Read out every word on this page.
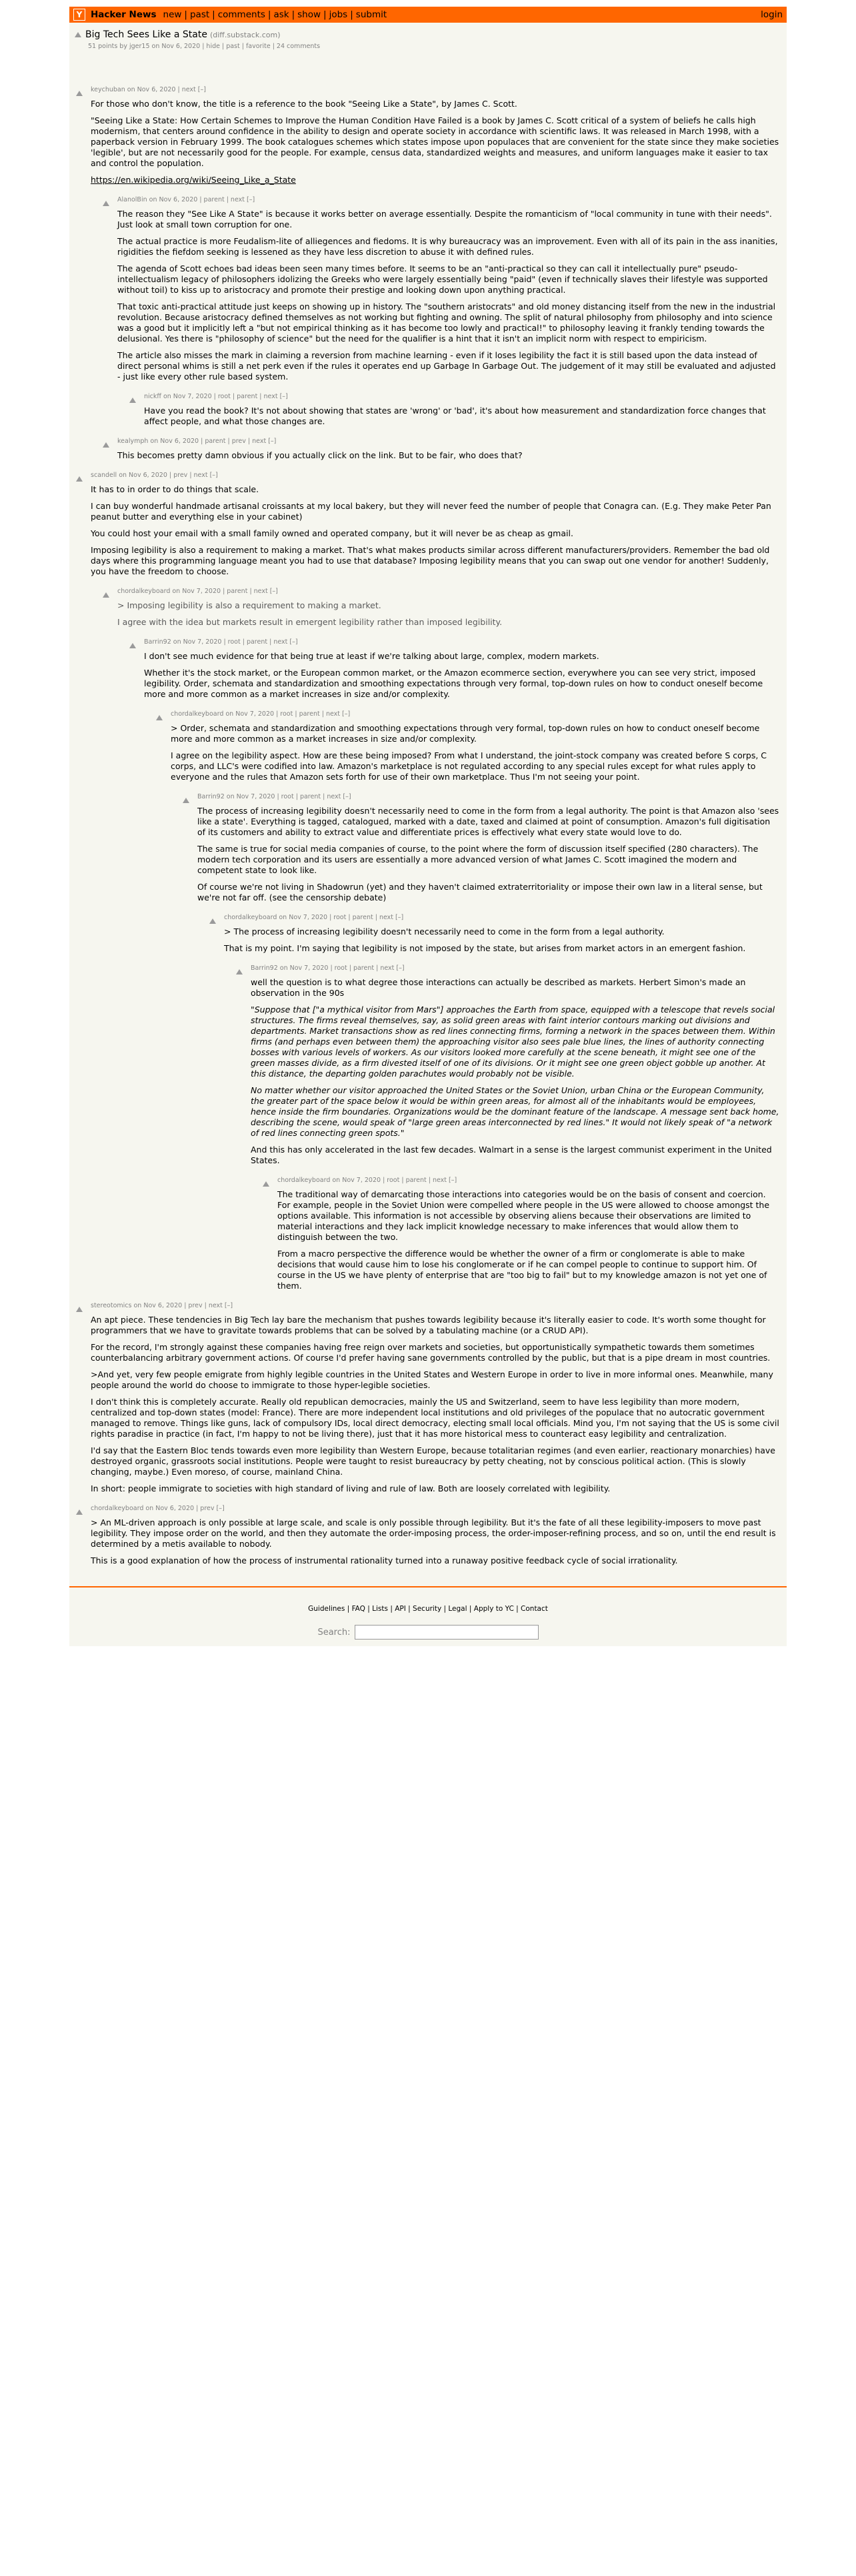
Y Hacker News new | past | comments | ask | show | jobs | submit	login
Big Tech Sees Like a State (diff.substack.com)
51 points by jger15 on Nov 6, 2020 | hide | past | favorite | 24 comments
keychuban on Nov 6, 2020 | next [–]

For those who don't know, the title is a reference to the book "Seeing Like a State", by James C. Scott.

"Seeing Like a State: How Certain Schemes to Improve the Human Condition Have Failed is a book by James C. Scott critical of a system of beliefs he calls high modernism, that centers around confidence in the ability to design and operate society in accordance with scientific laws. It was released in March 1998, with a paperback version in February 1999. The book catalogues schemes which states impose upon populaces that are convenient for the state since they make societies 'legible', but are not necessarily good for the people. For example, census data, standardized weights and measures, and uniform languages make it easier to tax and control the population.

https://en.wikipedia.org/wiki/Seeing_Like_a_State

AlanolBin on Nov 6, 2020 | parent | next [–]

The reason they "See Like A State" is because it works better on average essentially. Despite the romanticism of "local community in tune with their needs". Just look at small town corruption for one.

The actual practice is more Feudalism-lite of alliegences and fiedoms. It is why bureaucracy was an improvement. Even with all of its pain in the ass inanities, rigidities the fiefdom seeking is lessened as they have less discretion to abuse it with defined rules.

The agenda of Scott echoes bad ideas been seen many times before. It seems to be an "anti-practical so they can call it intellectually pure" pseudo-intellectualism legacy of philosophers idolizing the Greeks who were largely essentially being "paid" (even if technically slaves their lifestyle was supported without toil) to kiss up to aristocracy and promote their prestige and looking down upon anything practical.

That toxic anti-practical attitude just keeps on showing up in history. The "southern aristocrats" and old money distancing itself from the new in the industrial revolution. Because aristocracy defined themselves as not working but fighting and owning. The split of natural philosophy from philosophy and into science was a good but it implicitly left a "but not empirical thinking as it has become too lowly and practical!" to philosophy leaving it frankly tending towards the delusional. Yes there is "philosophy of science" but the need for the qualifier is a hint that it isn't an implicit norm with respect to empiricism.

The article also misses the mark in claiming a reversion from machine learning - even if it loses legibility the fact it is still based upon the data instead of direct personal whims is still a net perk even if the rules it operates end up Garbage In Garbage Out. The judgement of it may still be evaluated and adjusted - just like every other rule based system.

nickff on Nov 7, 2020 | root | parent | next [–]

Have you read the book? It's not about showing that states are 'wrong' or 'bad', it's about how measurement and standardization force changes that affect people, and what those changes are.

kealymph on Nov 6, 2020 | parent | prev | next [–]

This becomes pretty damn obvious if you actually click on the link. But to be fair, who does that?

scandell on Nov 6, 2020 | prev | next [–]

It has to in order to do things that scale.

I can buy wonderful handmade artisanal croissants at my local bakery, but they will never feed the number of people that Conagra can. (E.g. They make Peter Pan peanut butter and everything else in your cabinet)

You could host your email with a small family owned and operated company, but it will never be as cheap as gmail.

Imposing legibility is also a requirement to making a market. That's what makes products similar across different manufacturers/providers. Remember the bad old days where this programming language meant you had to use that database? Imposing legibility means that you can swap out one vendor for another! Suddenly, you have the freedom to choose.

chordalkeyboard on Nov 7, 2020 | parent | next [–]

> Imposing legibility is also a requirement to making a market.

I agree with the idea but markets result in emergent legibility rather than imposed legibility.

Barrin92 on Nov 7, 2020 | root | parent | next [–]

I don't see much evidence for that being true at least if we're talking about large, complex, modern markets.

Whether it's the stock market, or the European common market, or the Amazon ecommerce section, everywhere you can see very strict, imposed legibility. Order, schemata and standardization and smoothing expectations through very formal, top-down rules on how to conduct oneself become more and more common as a market increases in size and/or complexity.

chordalkeyboard on Nov 7, 2020 | root | parent | next [–]

> Order, schemata and standardization and smoothing expectations through very formal, top-down rules on how to conduct oneself become more and more common as a market increases in size and/or complexity.

I agree on the legibility aspect. How are these being imposed? From what I understand, the joint-stock company was created before S corps, C corps, and LLC's were codified into law. Amazon's marketplace is not regulated according to any special rules except for what rules apply to everyone and the rules that Amazon sets forth for use of their own marketplace. Thus I'm not seeing your point.

Barrin92 on Nov 7, 2020 | root | parent | next [–]

The process of increasing legibility doesn't necessarily need to come in the form from a legal authority. The point is that Amazon also 'sees like a state'. Everything is tagged, catalogued, marked with a date, taxed and claimed at point of consumption. Amazon's full digitisation of its customers and ability to extract value and differentiate prices is effectively what every state would love to do.

The same is true for social media companies of course, to the point where the form of discussion itself specified (280 characters). The modern tech corporation and its users are essentially a more advanced version of what James C. Scott imagined the modern and competent state to look like.

Of course we're not living in Shadowrun (yet) and they haven't claimed extraterritoriality or impose their own law in a literal sense, but we're not far off. (see the censorship debate)

chordalkeyboard on Nov 7, 2020 | root | parent | next [–]

> The process of increasing legibility doesn't necessarily need to come in the form from a legal authority.

That is my point. I'm saying that legibility is not imposed by the state, but arises from market actors in an emergent fashion.

Barrin92 on Nov 7, 2020 | root | parent | next [–]

well the question is to what degree those interactions can actually be described as markets. Herbert Simon's made an observation in the 90s

"Suppose that ["a mythical visitor from Mars"] approaches the Earth from space, equipped with a telescope that revels social structures. The firms reveal themselves, say, as solid green areas with faint interior contours marking out divisions and departments. Market transactions show as red lines connecting firms, forming a network in the spaces between them. Within firms (and perhaps even between them) the approaching visitor also sees pale blue lines, the lines of authority connecting bosses with various levels of workers. As our visitors looked more carefully at the scene beneath, it might see one of the green masses divide, as a firm divested itself of one of its divisions. Or it might see one green object gobble up another. At this distance, the departing golden parachutes would probably not be visible.

No matter whether our visitor approached the United States or the Soviet Union, urban China or the European Community, the greater part of the space below it would be within green areas, for almost all of the inhabitants would be employees, hence inside the firm boundaries. Organizations would be the dominant feature of the landscape. A message sent back home, describing the scene, would speak of "large green areas interconnected by red lines." It would not likely speak of "a network of red lines connecting green spots."

And this has only accelerated in the last few decades. Walmart in a sense is the largest communist experiment in the United States.

chordalkeyboard on Nov 7, 2020 | root | parent | next [–]

The traditional way of demarcating those interactions into categories would be on the basis of consent and coercion. For example, people in the Soviet Union were compelled where people in the US were allowed to choose amongst the options available. This information is not accessible by observing aliens because their observations are limited to material interactions and they lack implicit knowledge necessary to make inferences that would allow them to distinguish between the two.

From a macro perspective the difference would be whether the owner of a firm or conglomerate is able to make decisions that would cause him to lose his conglomerate or if he can compel people to continue to support him. Of course in the US we have plenty of enterprise that are "too big to fail" but to my knowledge amazon is not yet one of them.

stereotomics on Nov 6, 2020 | prev | next [–]

An apt piece. These tendencies in Big Tech lay bare the mechanism that pushes towards legibility because it's literally easier to code. It's worth some thought for programmers that we have to gravitate towards problems that can be solved by a tabulating machine (or a CRUD API).

For the record, I'm strongly against these companies having free reign over markets and societies, but opportunistically sympathetic towards them sometimes counterbalancing arbitrary government actions. Of course I'd prefer having sane governments controlled by the public, but that is a pipe dream in most countries.

>And yet, very few people emigrate from highly legible countries in the United States and Western Europe in order to live in more informal ones. Meanwhile, many people around the world do choose to immigrate to those hyper-legible societies.

I don't think this is completely accurate. Really old republican democracies, mainly the US and Switzerland, seem to have less legibility than more modern, centralized and top-down states (model: France). There are more independent local institutions and old privileges of the populace that no autocratic government managed to remove. Things like guns, lack of compulsory IDs, local direct democracy, electing small local officials. Mind you, I'm not saying that the US is some civil rights paradise in practice (in fact, I'm happy to not be living there), just that it has more historical mess to counteract easy legibility and centralization.

I'd say that the Eastern Bloc tends towards even more legibility than Western Europe, because totalitarian regimes (and even earlier, reactionary monarchies) have destroyed organic, grassroots social institutions. People were taught to resist bureaucracy by petty cheating, not by conscious political action. (This is slowly changing, maybe.) Even moreso, of course, mainland China.

In short: people immigrate to societies with high standard of living and rule of law. Both are loosely correlated with legibility.

chordalkeyboard on Nov 6, 2020 | prev [–]

> An ML-driven approach is only possible at large scale, and scale is only possible through legibility. But it's the fate of all these legibility-imposers to move past legibility. They impose order on the world, and then they automate the order-imposing process, the order-imposer-refining process, and so on, until the end result is determined by a metis available to nobody.

This is a good explanation of how the process of instrumental rationality turned into a runaway positive feedback cycle of social irrationality.

Guidelines | FAQ | Lists | API | Security | Legal | Apply to YC | Contact
Search:
